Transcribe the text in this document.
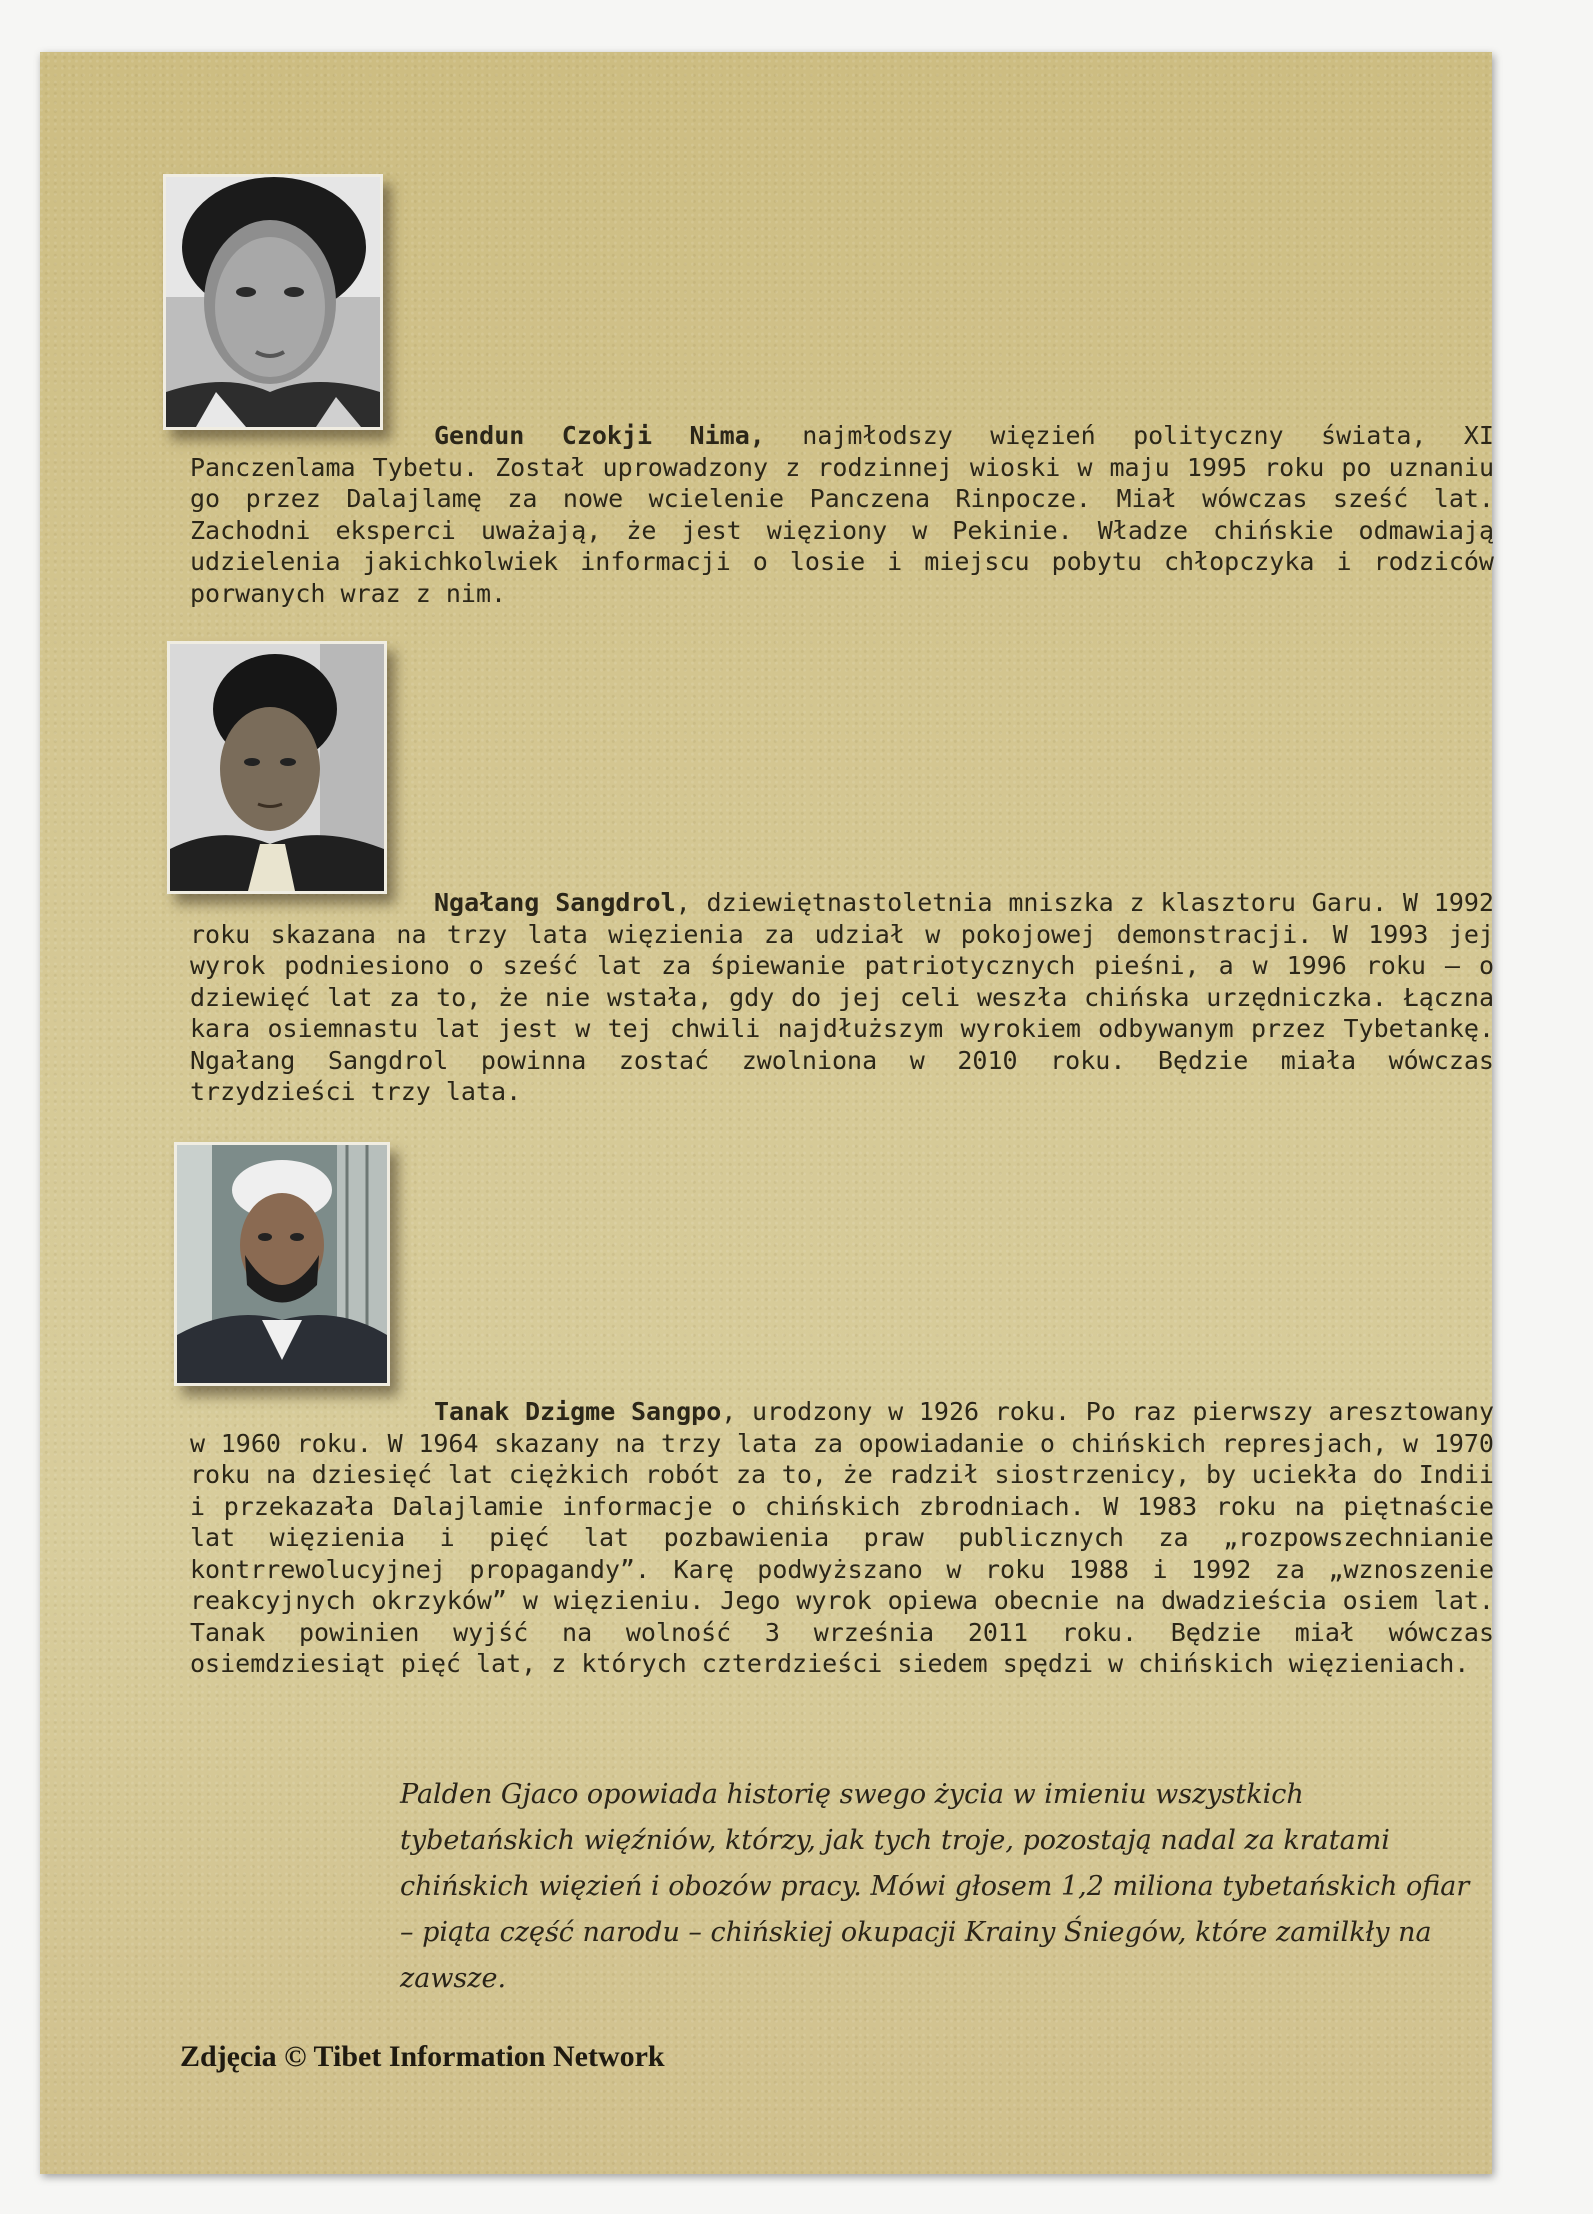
Gendun Czokji Nima, najmłodszy więzień polityczny świata, XI Panczenlama Tybetu. Został uprowadzony z rodzinnej wioski w maju 1995 roku po uznaniu go przez Dalajlamę za nowe wcielenie Panczena Rinpocze. Miał wówczas sześć lat. Zachodni eksperci uważają, że jest więziony w Pekinie. Władze chińskie odmawiają udzielenia jakichkolwiek informacji o losie i miejscu pobytu chłopczyka i rodziców porwanych wraz z nim.

Ngałang Sangdrol, dziewiętnastoletnia mniszka z klasztoru Garu. W 1992 roku skazana na trzy lata więzienia za udział w pokojowej demonstracji. W 1993 jej wyrok podniesiono o sześć lat za śpiewanie patriotycznych pieśni, a w 1996 roku – o dziewięć lat za to, że nie wstała, gdy do jej celi weszła chińska urzędniczka. Łączna kara osiemnastu lat jest w tej chwili najdłuższym wyrokiem odbywanym przez Tybetankę. Ngałang Sangdrol powinna zostać zwolniona w 2010 roku. Będzie miała wówczas trzydzieści trzy lata.

Tanak Dzigme Sangpo, urodzony w 1926 roku. Po raz pierwszy aresztowany w 1960 roku. W 1964 skazany na trzy lata za opowiadanie o chińskich represjach, w 1970 roku na dziesięć lat ciężkich robót za to, że radził siostrzenicy, by uciekła do Indii i przekazała Dalajlamie informacje o chińskich zbrodniach. W 1983 roku na piętnaście lat więzienia i pięć lat pozbawienia praw publicznych za „rozpowszechnianie kontrrewolucyjnej propagandy”. Karę podwyższano w roku 1988 i 1992 za „wznoszenie reakcyjnych okrzyków” w więzieniu. Jego wyrok opiewa obecnie na dwadzieścia osiem lat. Tanak powinien wyjść na wolność 3 września 2011 roku. Będzie miał wówczas osiemdziesiąt pięć lat, z których czterdzieści siedem spędzi w chińskich więzieniach.

Palden Gjaco opowiada historię swego życia w imieniu wszystkich tybetańskich więźniów, którzy, jak tych troje, pozostają nadal za kratami chińskich więzień i obozów pracy. Mówi głosem 1,2 miliona tybetańskich ofiar – piąta część narodu – chińskiej okupacji Krainy Śniegów, które zamilkły na zawsze.

Zdjęcia © Tibet Information Network
